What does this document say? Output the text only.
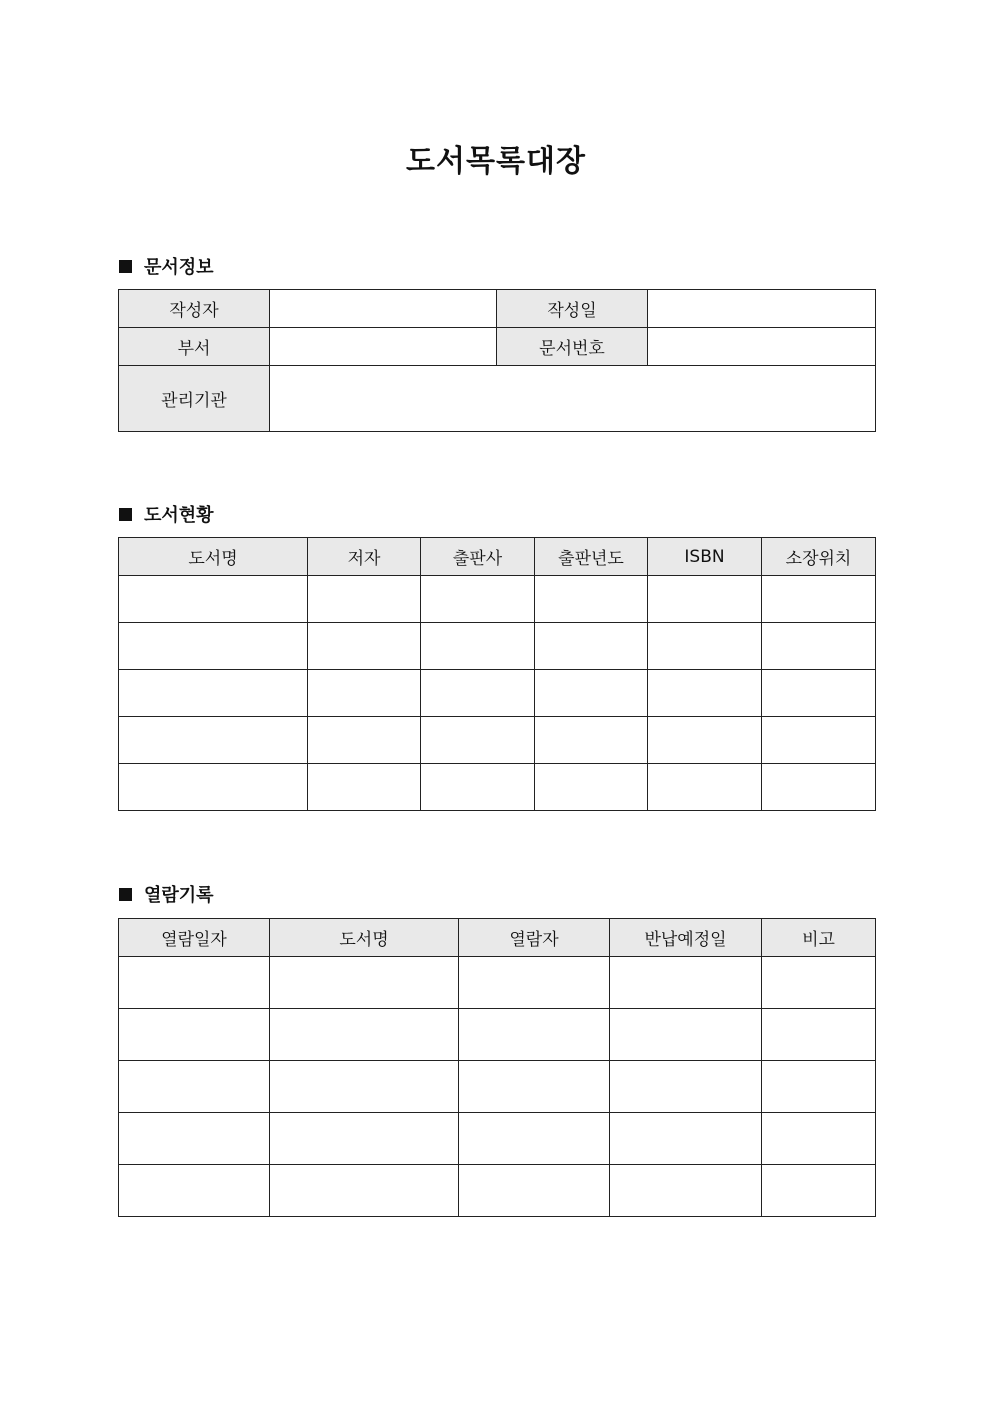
도서목록대장
문서정보
작성자		작성일	
부서		문서번호	
관리기관			
도서현황
도서명	저자	출판사	출판년도	ISBN	소장위치

열람기록
열람일자	도서명	열람자	반납예정일	비고
